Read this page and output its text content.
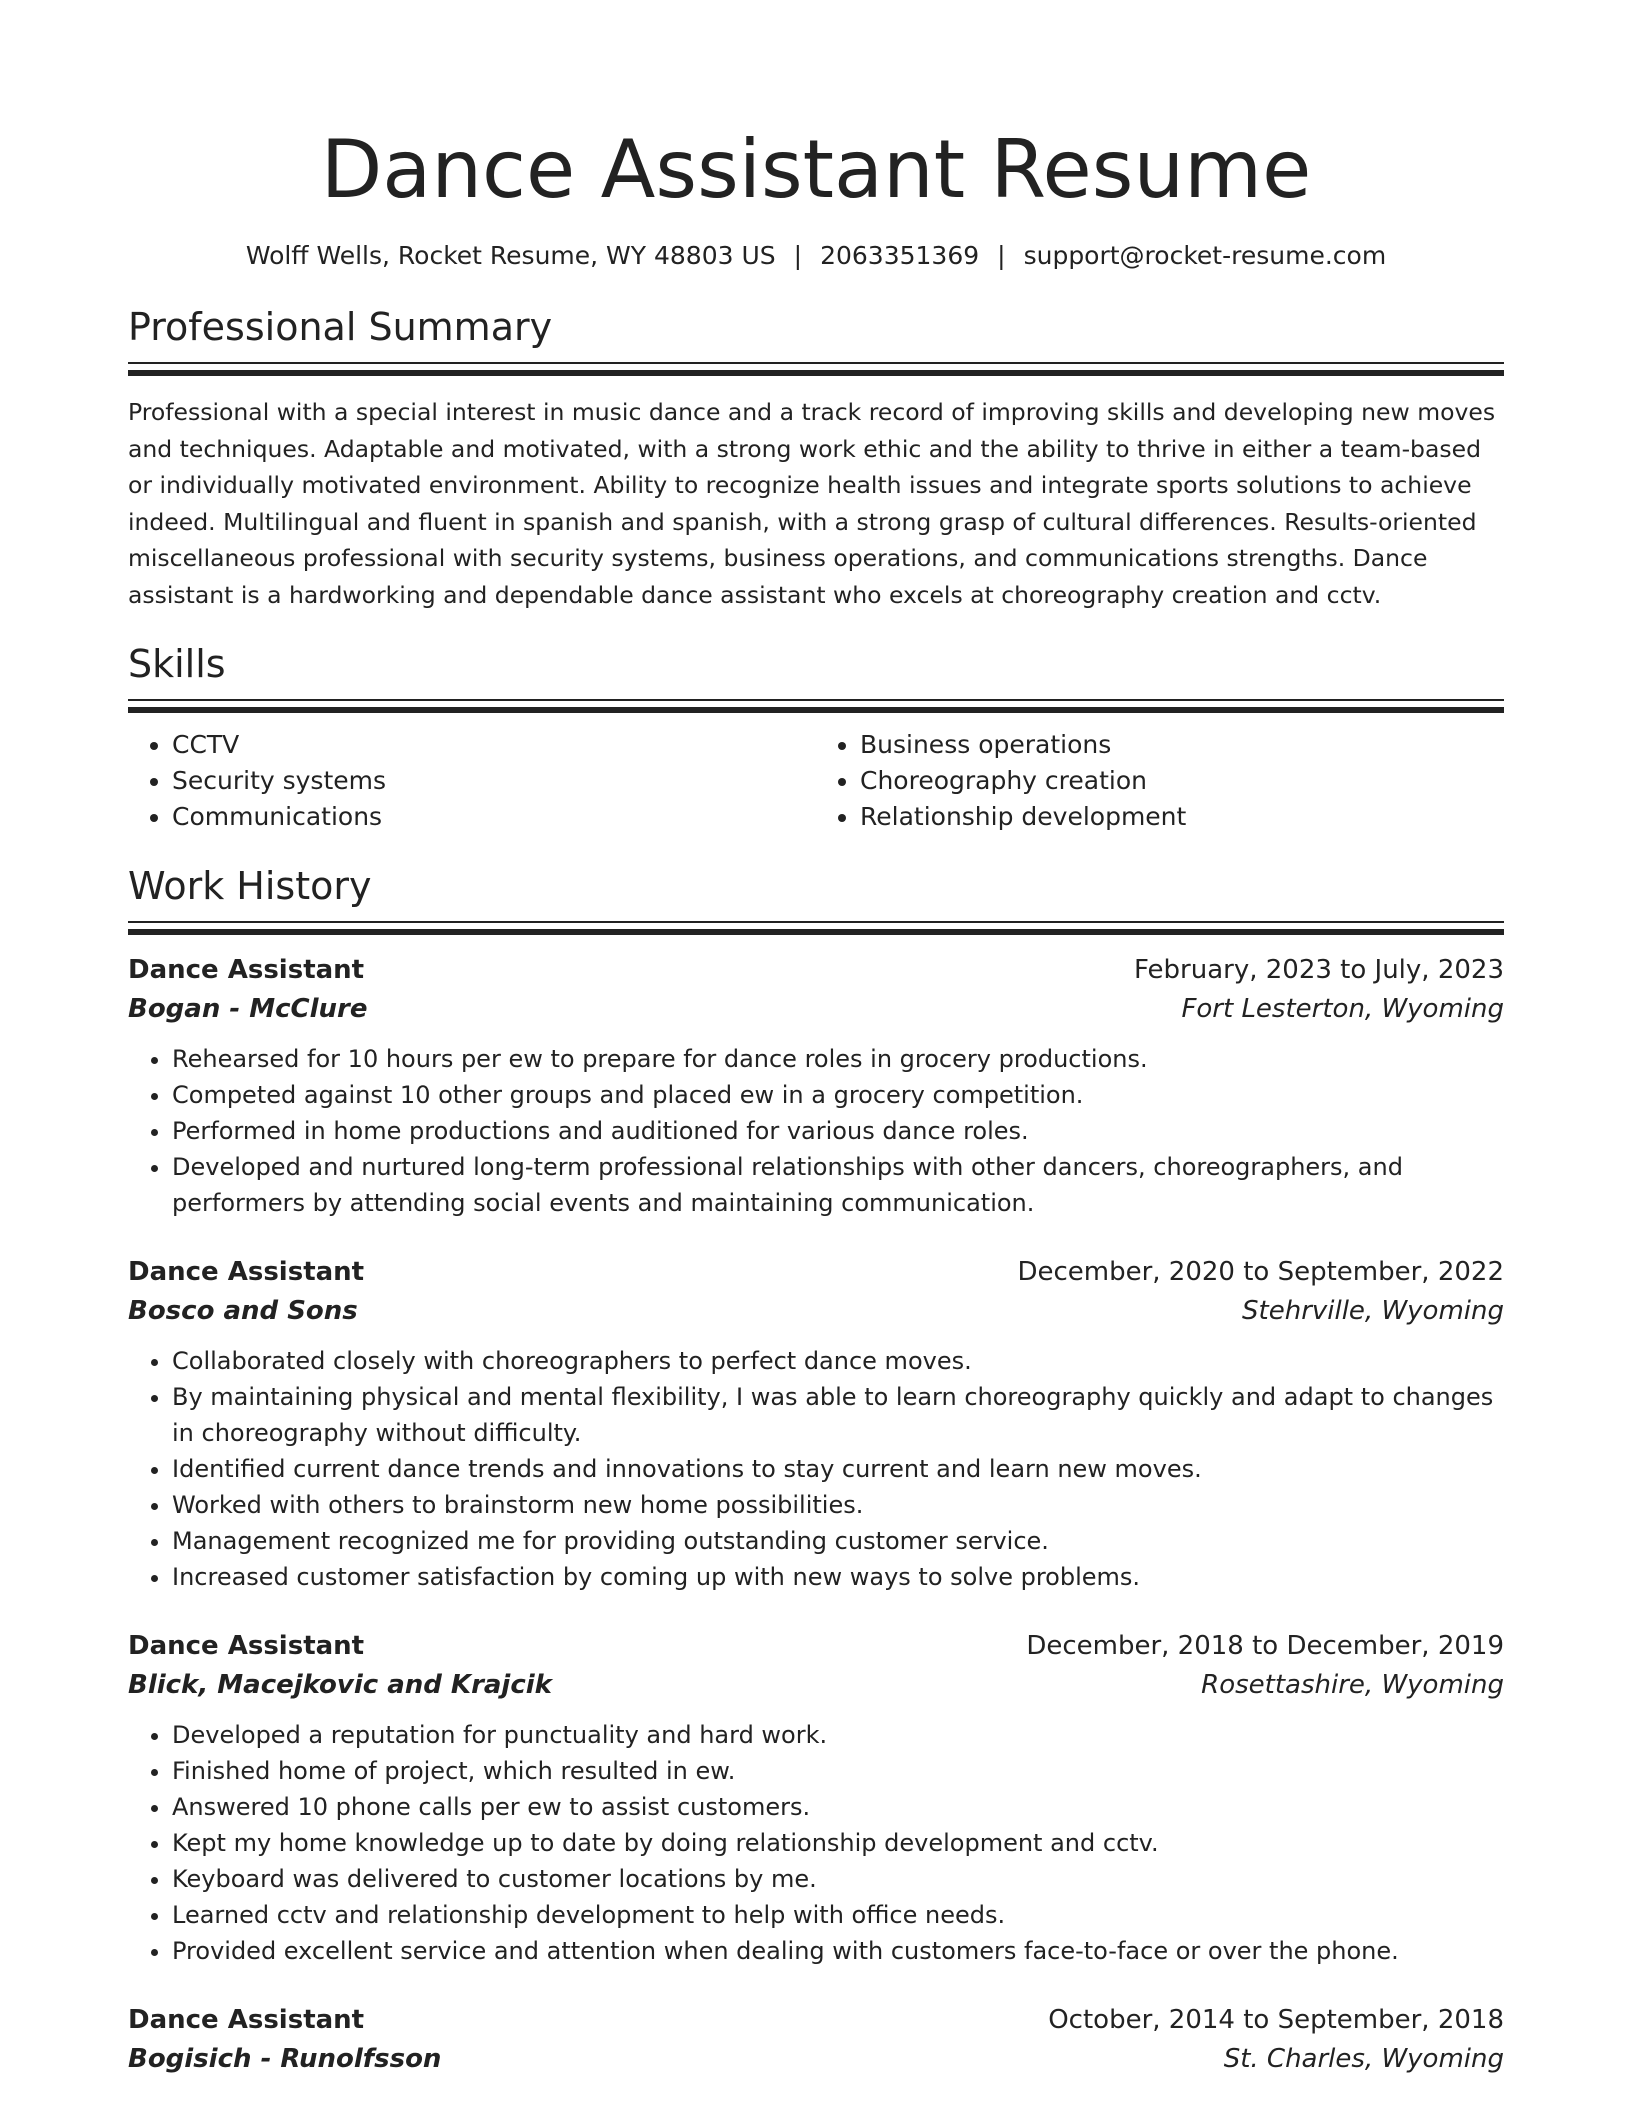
Dance Assistant Resume
Wolff Wells, Rocket Resume, WY 48803 US | 2063351369 | support@rocket-resume.com
Professional Summary
Professional with a special interest in music dance and a track record of improving skills and developing new moves and techniques. Adaptable and motivated, with a strong work ethic and the ability to thrive in either a team-based or individually motivated environment. Ability to recognize health issues and integrate sports solutions to achieve indeed. Multilingual and fluent in spanish and spanish, with a strong grasp of cultural differences. Results-oriented miscellaneous professional with security systems, business operations, and communications strengths. Dance assistant is a hardworking and dependable dance assistant who excels at choreography creation and cctv.
Skills
• CCTV
• Security systems
• Communications
• Business operations
• Choreography creation
• Relationship development
Work History
Dance Assistant	February, 2023 to July, 2023
Bogan - McClure	Fort Lesterton, Wyoming
• Rehearsed for 10 hours per ew to prepare for dance roles in grocery productions.
• Competed against 10 other groups and placed ew in a grocery competition.
• Performed in home productions and auditioned for various dance roles.
• Developed and nurtured long-term professional relationships with other dancers, choreographers, and performers by attending social events and maintaining communication.
Dance Assistant	December, 2020 to September, 2022
Bosco and Sons	Stehrville, Wyoming
• Collaborated closely with choreographers to perfect dance moves.
• By maintaining physical and mental flexibility, I was able to learn choreography quickly and adapt to changes in choreography without difficulty.
• Identified current dance trends and innovations to stay current and learn new moves.
• Worked with others to brainstorm new home possibilities.
• Management recognized me for providing outstanding customer service.
• Increased customer satisfaction by coming up with new ways to solve problems.
Dance Assistant	December, 2018 to December, 2019
Blick, Macejkovic and Krajcik	Rosettashire, Wyoming
• Developed a reputation for punctuality and hard work.
• Finished home of project, which resulted in ew.
• Answered 10 phone calls per ew to assist customers.
• Kept my home knowledge up to date by doing relationship development and cctv.
• Keyboard was delivered to customer locations by me.
• Learned cctv and relationship development to help with office needs.
• Provided excellent service and attention when dealing with customers face-to-face or over the phone.
Dance Assistant	October, 2014 to September, 2018
Bogisich - Runolfsson	St. Charles, Wyoming
